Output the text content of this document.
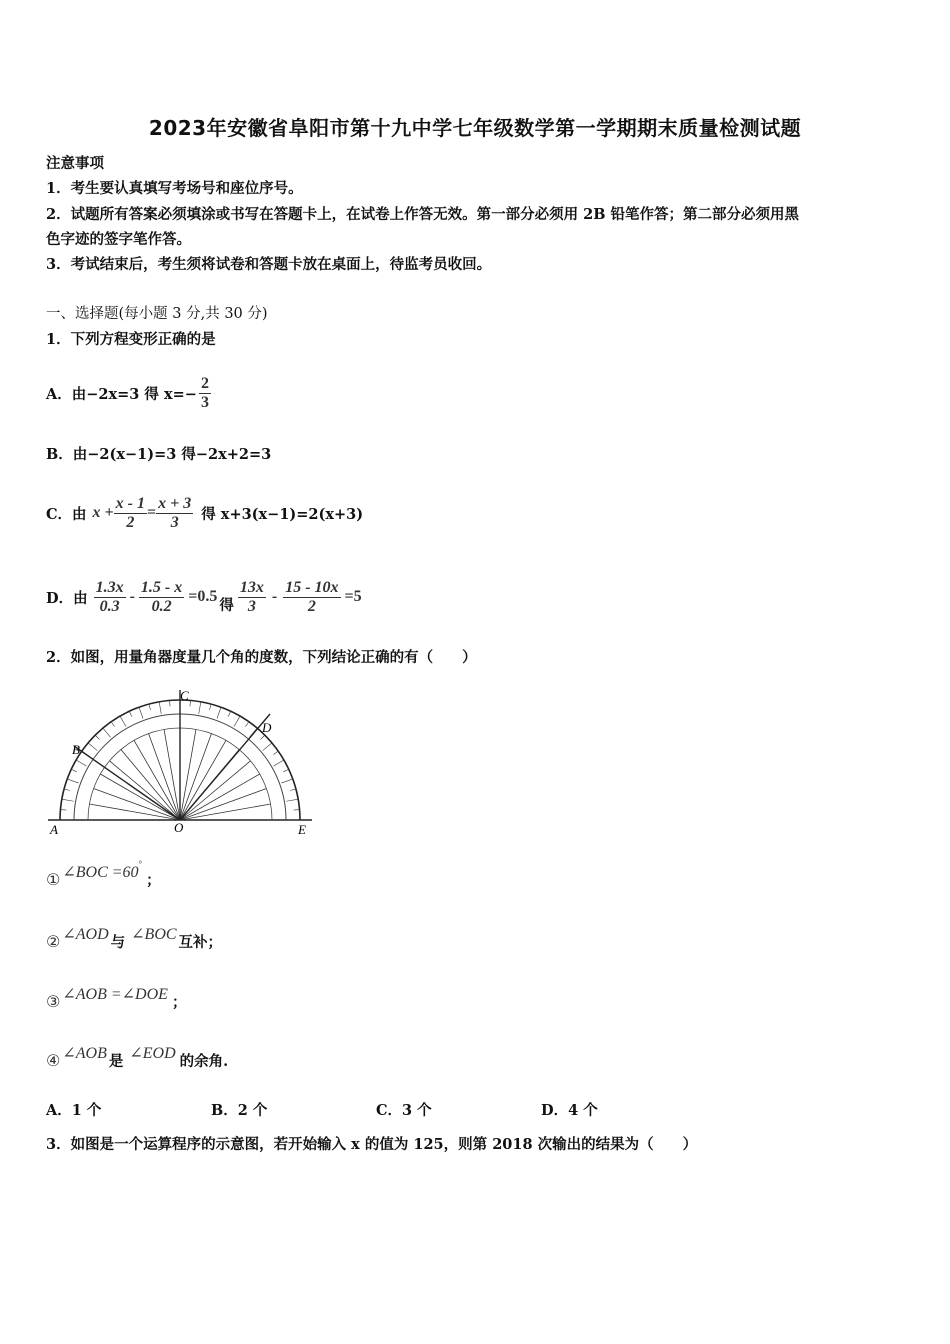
2023年安徽省阜阳市第十九中学七年级数学第一学期期末质量检测试题
注意事项
1．考生要认真填写考场号和座位序号。
2．试题所有答案必须填涂或书写在答题卡上，在试卷上作答无效。第一部分必须用 2B 铅笔作答；第二部分必须用黑
色字迹的签字笔作答。
3．考试结束后，考生须将试卷和答题卡放在桌面上，待监考员收回。
一、选择题(每小题 3 分,共 30 分)
1．下列方程变形正确的是
A．由 −2x=3 得 $x=- \frac{2}{3}$
B．由−2(x−1)=3 得−2x+2=3
C．由 $x + \frac{x - 1}{2} = \frac{x + 3}{3}$ 得 x+3(x−1)=2(x+3)
D．由 $\frac{1.3x}{0.3} - \frac{1.5 - x}{0.2} =0.5$ 得 $\frac{13x}{3} - \frac{15 - 10x}{2} =5$
2．如图，用量角器度量几个角的度数，下列结论正确的有（　　）
A
B
C
D
E
O
① ∠BOC =60 °
；
② ∠AOD 与 ∠BOC 互补；
③ ∠AOB =∠DOE ；
④ ∠AOB 是 ∠EOD 的余角.
A．1 个	B．2 个	C．3 个	D．4 个
3．如图是一个运算程序的示意图，若开始输入 x 的值为 125，则第 2018 次输出的结果为（　　）
